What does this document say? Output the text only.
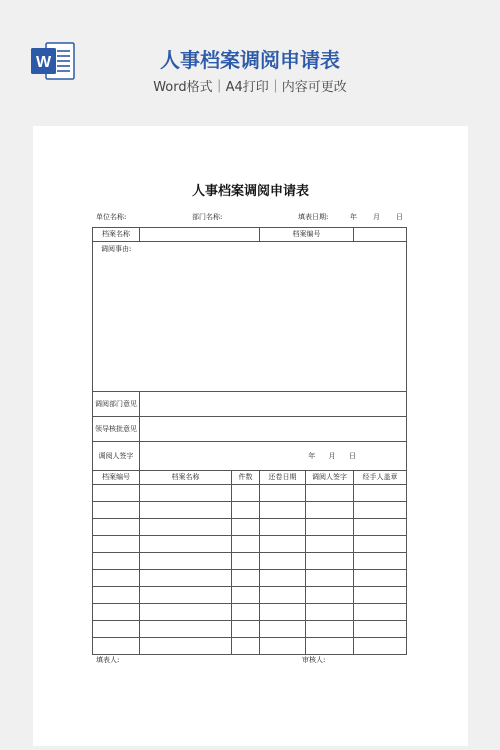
W	人事档案调阅申请表
Word格式｜A4打印｜内容可更改
人事档案调阅申请表
单位名称:	部门名称:	填表日期:	年 月 日
档案名称			档案编号		
调阅事由:					
调阅部门意见					
领导核批意见					
调阅人签字	年 月 日				
档案编号	档案名称	件数	还卷日期	调阅人签字	经手人盖章

填表人:	审核人:
